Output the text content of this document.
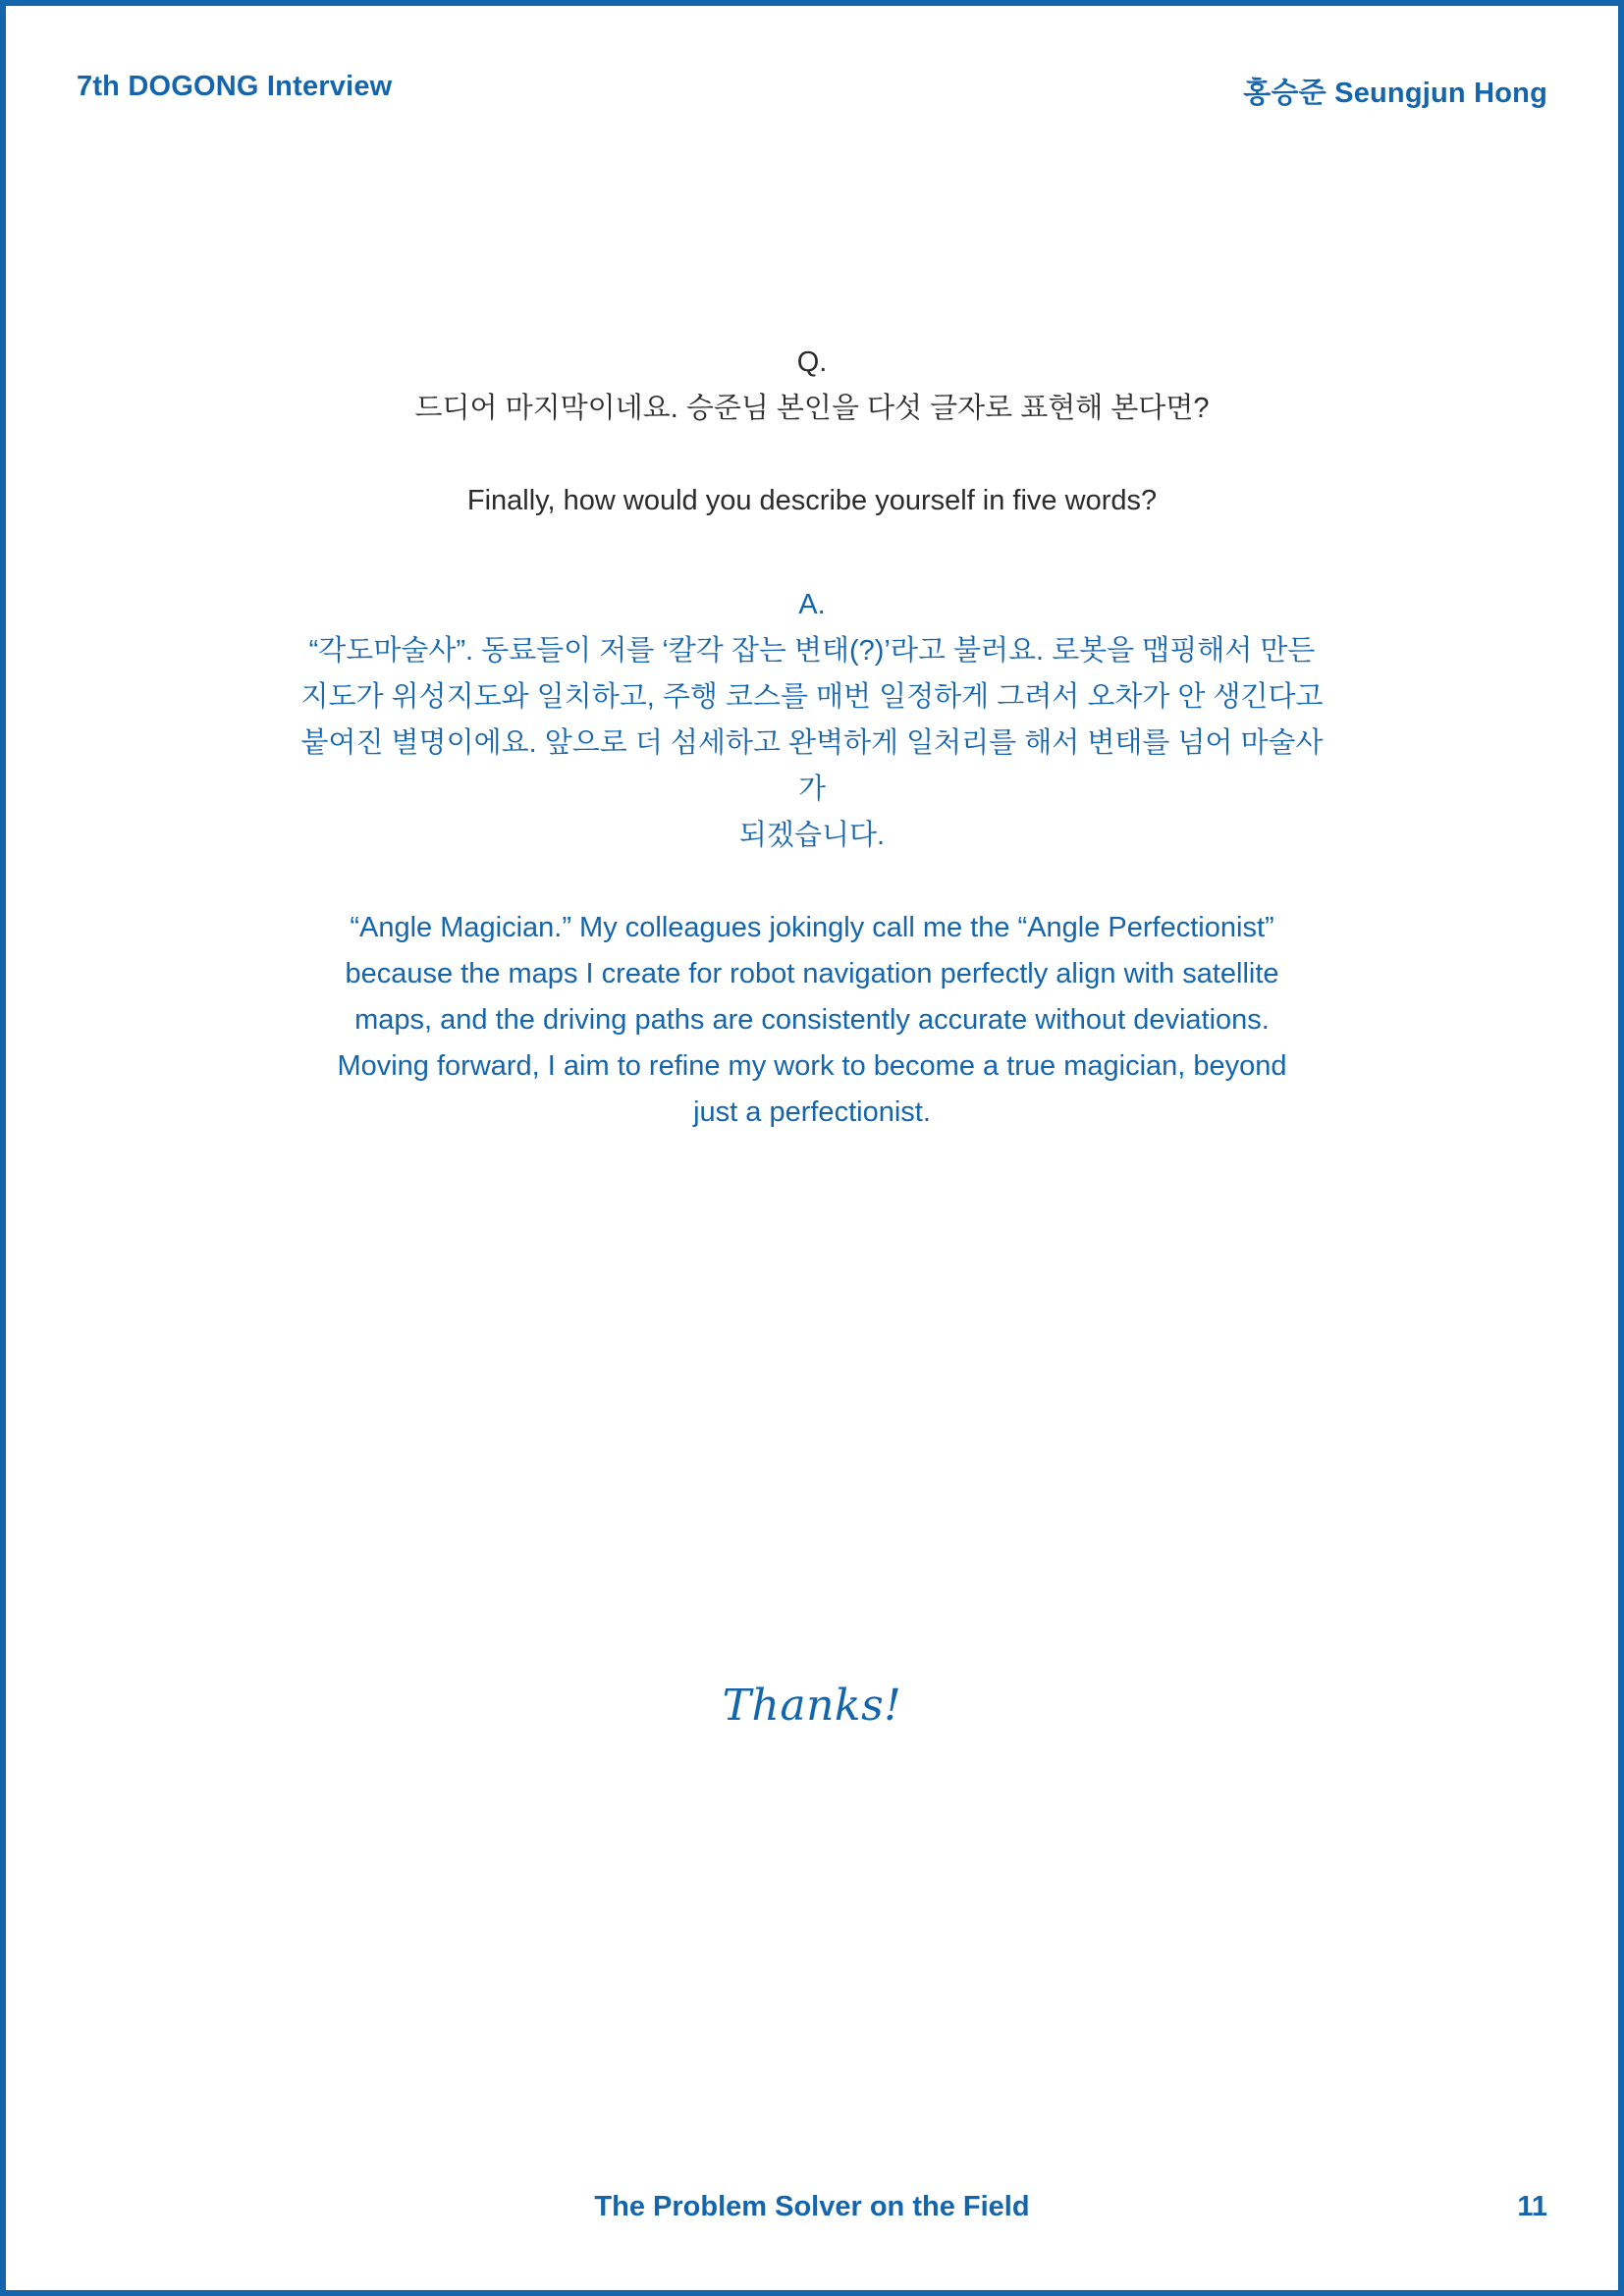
7th DOGONG Interview	홍승준 Seungjun Hong

Q.

드디어 마지막이네요. 승준님 본인을 다섯 글자로 표현해 본다면?

Finally, how would you describe yourself in five words?

A.

“각도마술사”. 동료들이 저를 ‘칼각 잡는 변태(?)’라고 불러요. 로봇을 맵핑해서 만든

지도가 위성지도와 일치하고, 주행 코스를 매번 일정하게 그려서 오차가 안 생긴다고

붙여진 별명이에요. 앞으로 더 섬세하고 완벽하게 일처리를 해서 변태를 넘어 마술사가

되겠습니다.

“Angle Magician.” My colleagues jokingly call me the “Angle Perfectionist”

because the maps I create for robot navigation perfectly align with satellite

maps, and the driving paths are consistently accurate without deviations.

Moving forward, I aim to refine my work to become a true magician, beyond

just a perfectionist.

Thanks!
The Problem Solver on the Field	11
